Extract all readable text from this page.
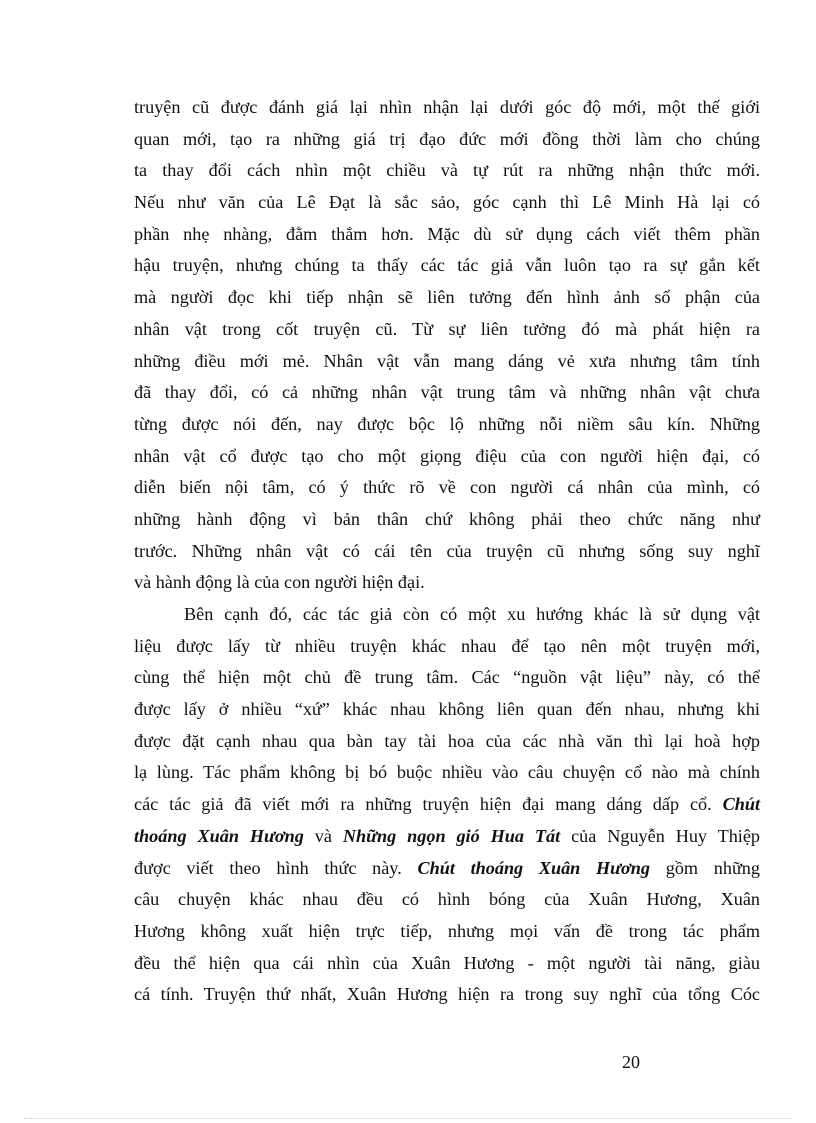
truyện cũ được đánh giá lại nhìn nhận lại dưới góc độ mới, một thế giới
quan mới, tạo ra những giá trị đạo đức mới đồng thời làm cho chúng
ta thay đổi cách nhìn một chiều và tự rút ra những nhận thức mới.
Nếu như văn của Lê Đạt là sắc sảo, góc cạnh thì Lê Minh Hà lại có
phần nhẹ nhàng, đằm thắm hơn. Mặc dù sử dụng cách viết thêm phần
hậu truyện, nhưng chúng ta thấy các tác giả vẫn luôn tạo ra sự gắn kết
mà người đọc khi tiếp nhận sẽ liên tưởng đến hình ảnh số phận của
nhân vật trong cốt truyện cũ. Từ sự liên tưởng đó mà phát hiện ra
những điều mới mẻ. Nhân vật vẫn mang dáng vẻ xưa nhưng tâm tính
đã thay đổi, có cả những nhân vật trung tâm và những nhân vật chưa
từng được nói đến, nay được bộc lộ những nỗi niềm sâu kín. Những
nhân vật cổ được tạo cho một giọng điệu của con người hiện đại, có
diễn biến nội tâm, có ý thức rõ về con người cá nhân của mình, có
những hành động vì bản thân chứ không phải theo chức năng như
trước. Những nhân vật có cái tên của truyện cũ nhưng sống suy nghĩ
và hành động là của con người hiện đại.
Bên cạnh đó, các tác giả còn có một xu hướng khác là sử dụng vật
liệu được lấy từ nhiều truyện khác nhau để tạo nên một truyện mới,
cùng thể hiện một chủ đề trung tâm. Các “nguồn vật liệu” này, có thể
được lấy ở nhiều “xứ” khác nhau không liên quan đến nhau, nhưng khi
được đặt cạnh nhau qua bàn tay tài hoa của các nhà văn thì lại hoà hợp
lạ lùng. Tác phẩm không bị bó buộc nhiều vào câu chuyện cổ nào mà chính
các tác giả đã viết mới ra những truyện hiện đại mang dáng dấp cổ. Chút
thoáng Xuân Hương và Những ngọn gió Hua Tát của Nguyễn Huy Thiệp
được viết theo hình thức này. Chút thoáng Xuân Hương gồm những
câu chuyện khác nhau đều có hình bóng của Xuân Hương, Xuân
Hương không xuất hiện trực tiếp, nhưng mọi vấn đề trong tác phẩm
đều thể hiện qua cái nhìn của Xuân Hương - một người tài năng, giàu
cá tính. Truyện thứ nhất, Xuân Hương hiện ra trong suy nghĩ của tổng Cóc
20
